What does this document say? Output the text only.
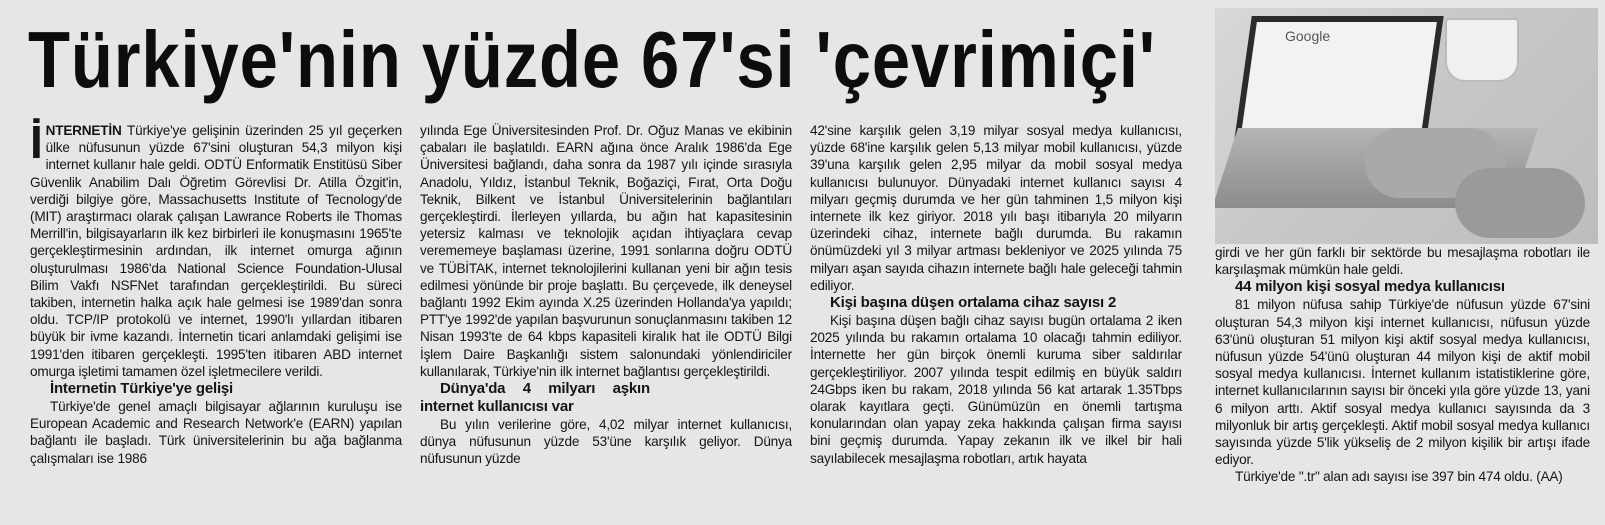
Türkiye'nin yüzde 67'si 'çevrimiçi'	Google

İ NTERNETİN Türkiye'ye gelişinin üzerinden 25 yıl geçerken ülke nüfusunun yüzde 67'sini oluşturan 54,3 milyon kişi internet kullanır hale geldi. ODTÜ Enformatik Enstitüsü Siber Güvenlik Anabilim Dalı Öğretim Görevlisi Dr. Atilla Özgit'in, verdiği bilgiye göre, Massachusetts Institute of Tecnology'de (MIT) araştırmacı olarak çalışan Lawrance Roberts ile Thomas Merrill'in, bilgisayarların ilk kez birbirleri ile konuşmasını 1965'te gerçekleştirmesinin ardından, ilk internet omurga ağının oluşturulması 1986'da National Science Foundation-Ulusal Bilim Vakfı NSFNet tarafından gerçekleştirildi. Bu süreci takiben, internetin halka açık hale gelmesi ise 1989'dan sonra oldu. TCP/IP protokolü ve internet, 1990'lı yıllardan itibaren büyük bir ivme kazandı. İnternetin ticari anlamdaki gelişimi ise 1991'den itibaren gerçekleşti. 1995'ten itibaren ABD internet omurga işletimi tamamen özel işletmecilere verildi.

İnternetin Türkiye'ye gelişi

Türkiye'de genel amaçlı bilgisayar ağlarının kuruluşu ise European Academic and Research Network'e (EARN) yapılan bağlantı ile başladı. Türk üniversitelerinin bu ağa bağlanma çalışmaları ise 1986

yılında Ege Üniversitesinden Prof. Dr. Oğuz Manas ve ekibinin çabaları ile başlatıldı. EARN ağına önce Aralık 1986'da Ege Üniversitesi bağlandı, daha sonra da 1987 yılı içinde sırasıyla Anadolu, Yıldız, İstanbul Teknik, Boğaziçi, Fırat, Orta Doğu Teknik, Bilkent ve İstanbul Üniversitelerinin bağlantıları gerçekleştirdi. İlerleyen yıllarda, bu ağın hat kapasitesinin yetersiz kalması ve teknolojik açıdan ihtiyaçlara cevap verememeye başlaması üzerine, 1991 sonlarına doğru ODTÜ ve TÜBİTAK, internet teknolojilerini kullanan yeni bir ağın tesis edilmesi yönünde bir proje başlattı. Bu çerçevede, ilk deneysel bağlantı 1992 Ekim ayında X.25 üzerinden Hollanda'ya yapıldı; PTT'ye 1992'de yapılan başvurunun sonuçlanmasını takiben 12 Nisan 1993'te de 64 kbps kapasiteli kiralık hat ile ODTÜ Bilgi İşlem Daire Başkanlığı sistem salonundaki yönlendiriciler kullanılarak, Türkiye'nin ilk internet bağlantısı gerçekleştirildi.

Dünya'da 4 milyarı aşkın internet kullanıcısı var

Bu yılın verilerine göre, 4,02 milyar internet kullanıcısı, dünya nüfusunun yüzde 53'üne karşılık geliyor. Dünya nüfusunun yüzde

42'sine karşılık gelen 3,19 milyar sosyal medya kullanıcısı, yüzde 68'ine karşılık gelen 5,13 milyar mobil kullanıcısı, yüzde 39'una karşılık gelen 2,95 milyar da mobil sosyal medya kullanıcısı bulunuyor. Dünyadaki internet kullanıcı sayısı 4 milyarı geçmiş durumda ve her gün tahminen 1,5 milyon kişi internete ilk kez giriyor. 2018 yılı başı itibarıyla 20 milyarın üzerindeki cihaz, internete bağlı durumda. Bu rakamın önümüzdeki yıl 3 milyar artması bekleniyor ve 2025 yılında 75 milyarı aşan sayıda cihazın internete bağlı hale geleceği tahmin ediliyor.

Kişi başına düşen ortalama cihaz sayısı 2

Kişi başına düşen bağlı cihaz sayısı bugün ortalama 2 iken 2025 yılında bu rakamın ortalama 10 olacağı tahmin ediliyor. İnternette her gün birçok önemli kuruma siber saldırılar gerçekleştiriliyor. 2007 yılında tespit edilmiş en büyük saldırı 24Gbps iken bu rakam, 2018 yılında 56 kat artarak 1.35Tbps olarak kayıtlara geçti. Günümüzün en önemli tartışma konularından olan yapay zeka hakkında çalışan firma sayısı bini geçmiş durumda. Yapay zekanın ilk ve ilkel bir hali sayılabilecek mesajlaşma robotları, artık hayata

girdi ve her gün farklı bir sektörde bu mesajlaşma robotları ile karşılaşmak mümkün hale geldi.

44 milyon kişi sosyal medya kullanıcısı

81 milyon nüfusa sahip Türkiye'de nüfusun yüzde 67'sini oluşturan 54,3 milyon kişi internet kullanıcısı, nüfusun yüzde 63'ünü oluşturan 51 milyon kişi aktif sosyal medya kullanıcısı, nüfusun yüzde 54'ünü oluşturan 44 milyon kişi de aktif mobil sosyal medya kullanıcısı. İnternet kullanım istatistiklerine göre, internet kullanıcılarının sayısı bir önceki yıla göre yüzde 13, yani 6 milyon arttı. Aktif sosyal medya kullanıcı sayısında da 3 milyonluk bir artış gerçekleşti. Aktif mobil sosyal medya kullanıcı sayısında yüzde 5'lik yükseliş de 2 milyon kişilik bir artışı ifade ediyor.

Türkiye'de ".tr" alan adı sayısı ise 397 bin 474 oldu. (AA)
